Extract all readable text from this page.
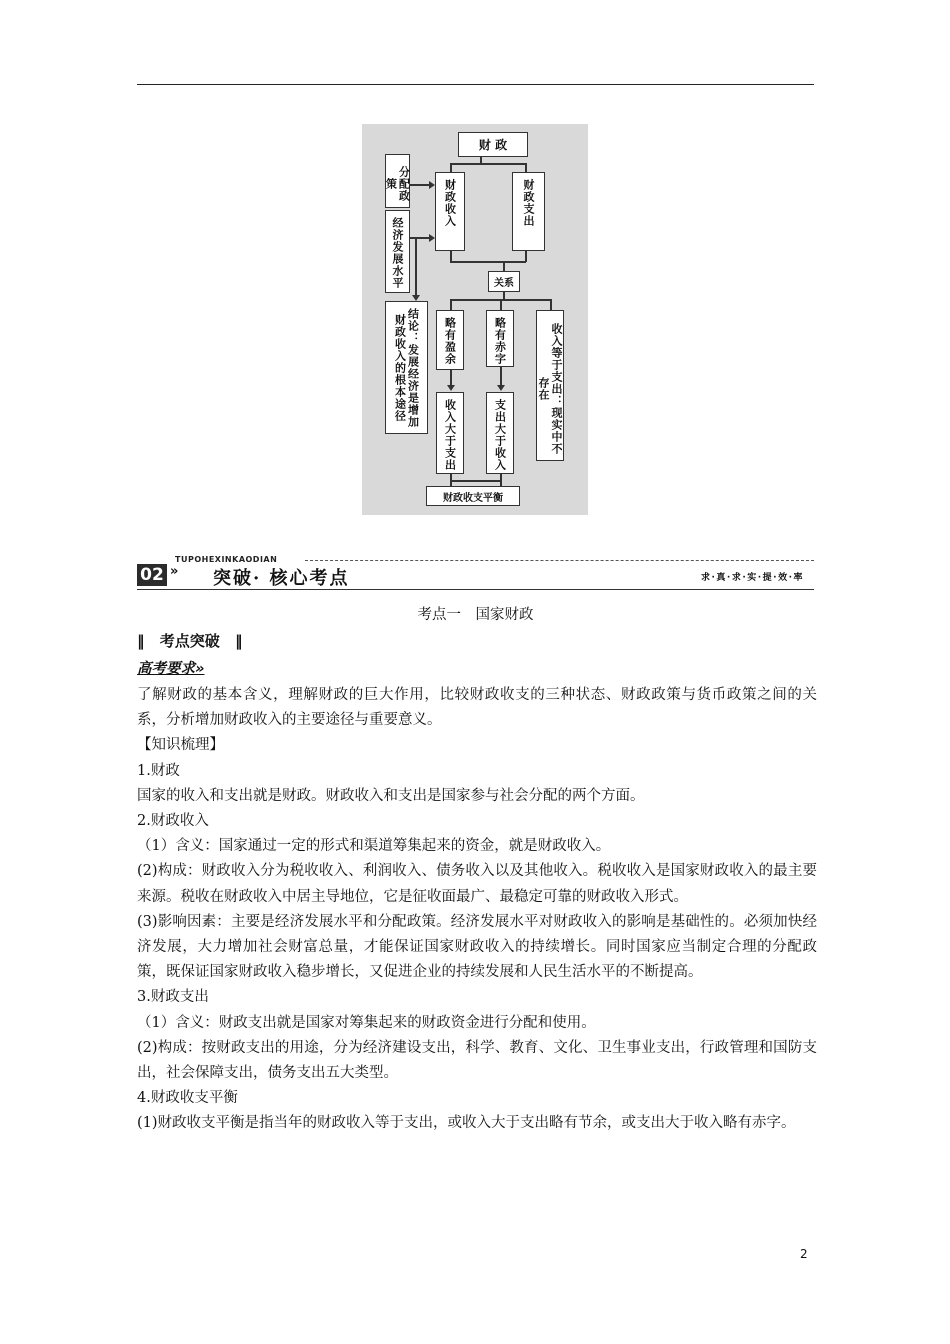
财 政
财政收入	财政支出
分配政策
经济发展水平
结论：发展经济是增加财政收入的根本途径
关系
略有盈余	略有赤字	收入等于支出：现实中不存在
收入大于支出	支出大于收入
财政收支平衡
TUPOHEXINKAODIAN
02 » 突破· 核心考点	求·真·求·实·提·效·率
考点一　国家财政
‖ 考点突破 ‖
高考要求»

了解财政的基本含义，理解财政的巨大作用，比较财政收支的三种状态、财政政策与货币政策之间的关系，分析增加财政收入的主要途径与重要意义。

【知识梳理】

1.财政

国家的收入和支出就是财政。财政收入和支出是国家参与社会分配的两个方面。

2.财政收入

（1）含义：国家通过一定的形式和渠道筹集起来的资金，就是财政收入。

(2)构成：财政收入分为税收收入、利润收入、债务收入以及其他收入。税收收入是国家财政收入的最主要来源。税收在财政收入中居主导地位，它是征收面最广、最稳定可靠的财政收入形式。

(3)影响因素：主要是经济发展水平和分配政策。经济发展水平对财政收入的影响是基础性的。必须加快经济发展，大力增加社会财富总量，才能保证国家财政收入的持续增长。同时国家应当制定合理的分配政策，既保证国家财政收入稳步增长，又促进企业的持续发展和人民生活水平的不断提高。

3.财政支出

（1）含义：财政支出就是国家对筹集起来的财政资金进行分配和使用。

(2)构成：按财政支出的用途，分为经济建设支出，科学、教育、文化、卫生事业支出，行政管理和国防支出，社会保障支出，债务支出五大类型。

4.财政收支平衡

(1)财政收支平衡是指当年的财政收入等于支出，或收入大于支出略有节余，或支出大于收入略有赤字。

2
